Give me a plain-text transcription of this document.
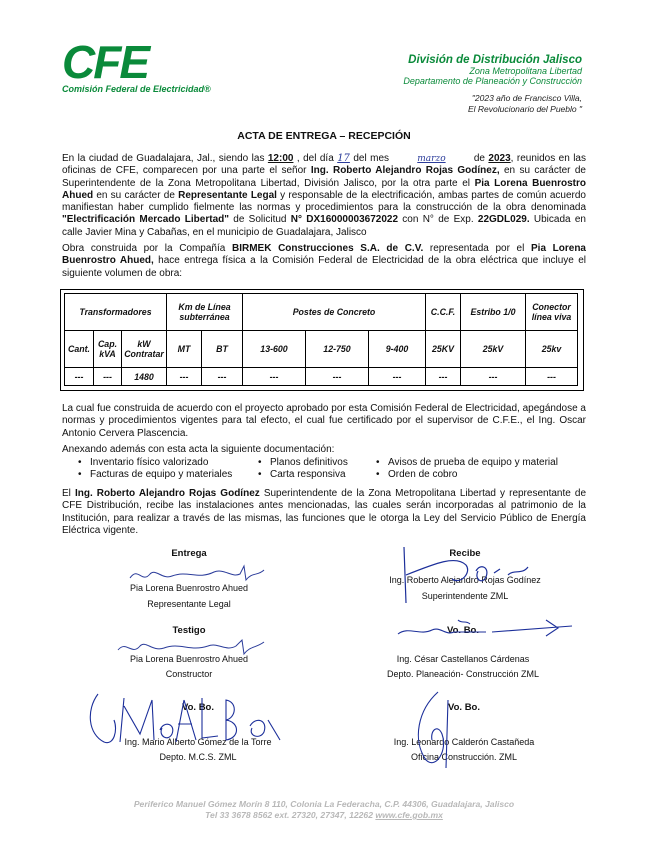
CFE
Comisión Federal de Electricidad®
División de Distribución Jalisco
Zona Metropolitana Libertad
Departamento de Planeación y Construcción
"2023 año de Francisco Villa,
El Revolucionario del Pueblo "
ACTA DE ENTREGA – RECEPCIÓN
En la ciudad de Guadalajara, Jal., siendo las 12:00 , del día 17 del mes	marzo de 2023, reunidos en las oficinas de CFE, comparecen por una parte el señor Ing. Roberto Alejandro Rojas Godínez, en su carácter de Superintendente de la Zona Metropolitana Libertad, División Jalisco, por la otra parte el Pia Lorena Buenrostro Ahued en su carácter de Representante Legal y responsable de la electrificación, ambas partes de común acuerdo manifiestan haber cumplido fielmente las normas y procedimientos para la construcción de la obra denominada "Electrificación Mercado Libertad" de Solicitud N° DX16000003672022 con N° de Exp. 22GDL029. Ubicada en calle Javier Mina y Cabañas, en el municipio de Guadalajara, Jalisco
Obra construida por la Compañía BIRMEK Construcciones S.A. de C.V. representada por el Pia Lorena Buenrostro Ahued, hace entrega física a la Comisión Federal de Electricidad de la obra eléctrica que incluye el siguiente volumen de obra:
Transformadores			Km de Línea subterránea		Postes de Concreto			C.C.F.	Estribo 1/0	Conector línea viva
Cant.	Cap. kVA	kW Contratar	MT	BT	13-600	12-750	9-400	25KV	25kV	25kv
---	---	1480	---	---	---	---	---	---	---	---
La cual fue construida de acuerdo con el proyecto aprobado por esta Comisión Federal de Electricidad, apegándose a normas y procedimientos vigentes para tal efecto, el cual fue certificado por el supervisor de C.F.E., el Ing. Oscar Antonio Cervera Plascencia.
Anexando además con esta acta la siguiente documentación:
• Inventario físico valorizado	• Planos definitivos	• Avisos de prueba de equipo y material
• Facturas de equipo y materiales	• Carta responsiva	• Orden de cobro
El Ing. Roberto Alejandro Rojas Godínez Superintendente de la Zona Metropolitana Libertad y representante de CFE Distribución, recibe las instalaciones antes mencionadas, las cuales serán incorporadas al patrimonio de la Institución, para realizar a través de las mismas, las funciones que le otorga la Ley del Servicio Público de Energía Eléctrica vigente.
Entrega
Pia Lorena Buenrostro Ahued
Representante Legal
Recibe
Ing. Roberto Alejandro Rojas Godínez
Superintendente ZML
Testigo
Pia Lorena Buenrostro Ahued
Constructor
Vo. Bo.
Ing. César Castellanos Cárdenas
Depto. Planeación- Construcción ZML
Vo. Bo.
Ing. Mario Alberto Gómez de la Torre
Depto. M.C.S. ZML
Vo. Bo.
Ing. Leonardo Calderón Castañeda
Oficina Construcción. ZML
Periferico Manuel Gómez Morín 8 110, Colonia La Federacha, C.P. 44306, Guadalajara, Jalisco
Tel 33 3678 8562 ext. 27320, 27347, 12262 www.cfe.gob.mx
